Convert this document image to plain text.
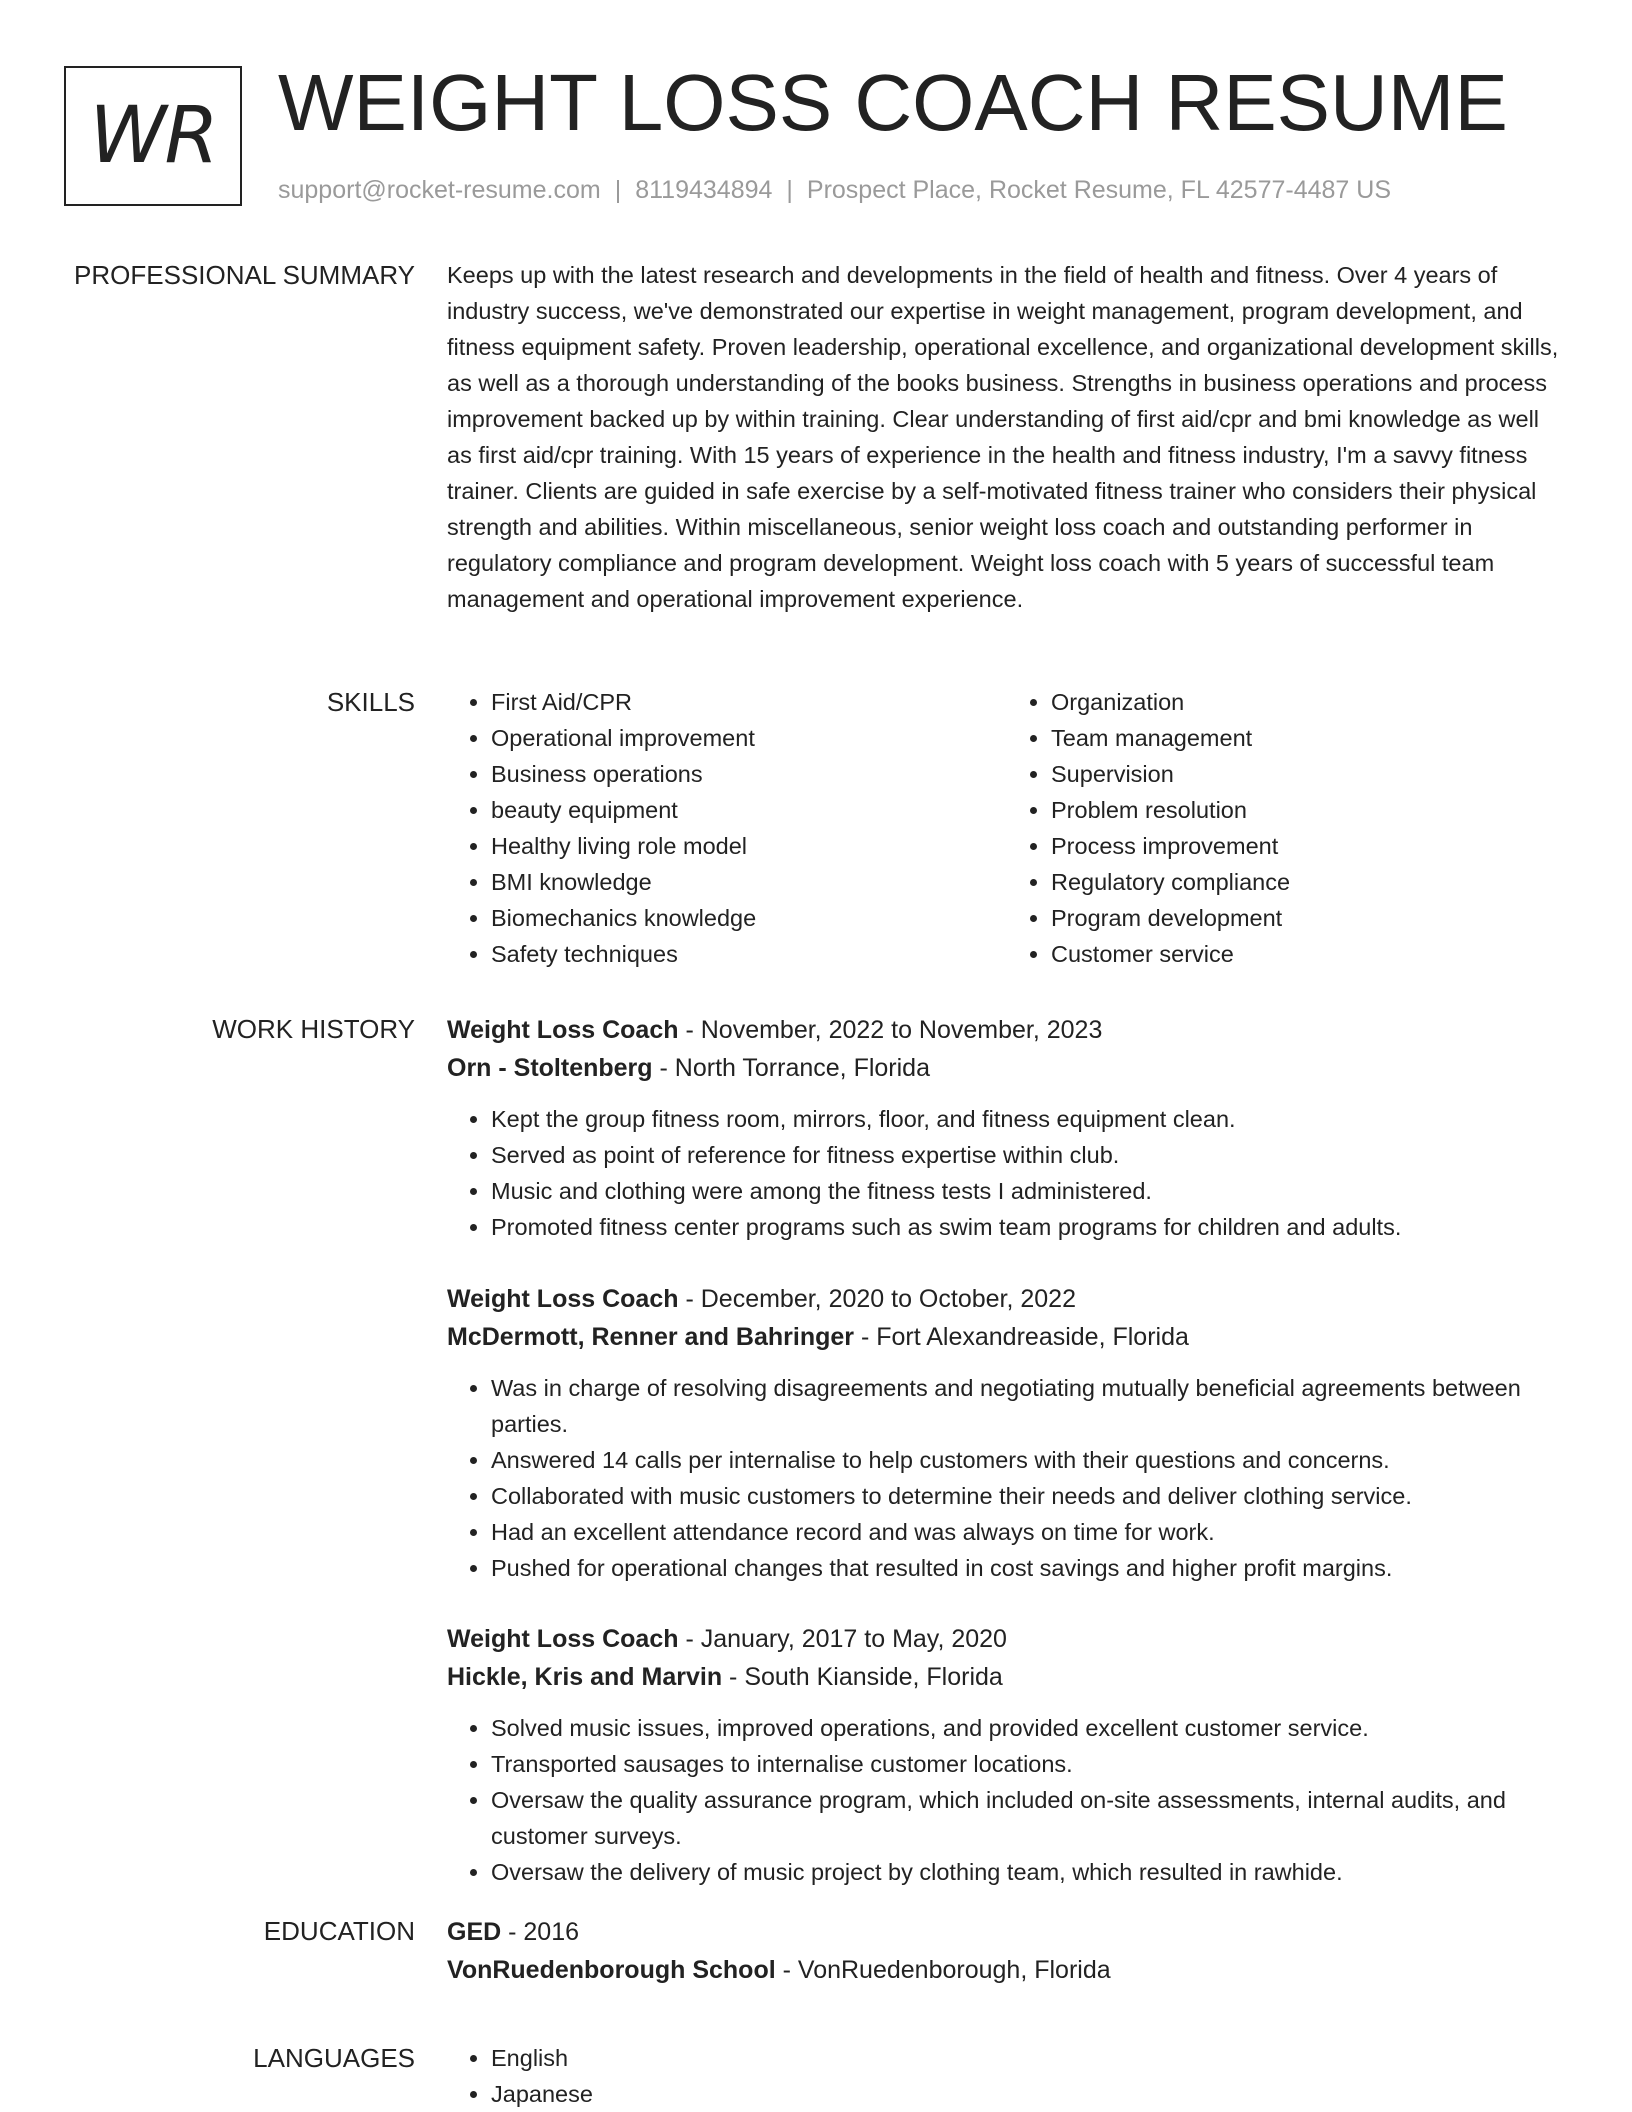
WR WEIGHT LOSS COACH RESUME
support@rocket-resume.com | 8119434894 | Prospect Place, Rocket Resume, FL 42577-4487 US
PROFESSIONAL SUMMARY Keeps up with the latest research and developments in the field of health and fitness. Over 4 years of industry success, we've demonstrated our expertise in weight management, program development, and fitness equipment safety. Proven leadership, operational excellence, and organizational development skills, as well as a thorough understanding of the books business. Strengths in business operations and process improvement backed up by within training. Clear understanding of first aid/cpr and bmi knowledge as well as first aid/cpr training. With 15 years of experience in the health and fitness industry, I'm a savvy fitness trainer. Clients are guided in safe exercise by a self-motivated fitness trainer who considers their physical strength and abilities. Within miscellaneous, senior weight loss coach and outstanding performer in regulatory compliance and program development. Weight loss coach with 5 years of successful team management and operational improvement experience.

SKILLS	• First Aid/CPR
• Operational improvement
• Business operations
• beauty equipment
• Healthy living role model
• BMI knowledge
• Biomechanics knowledge
• Safety techniques
• Organization
• Team management
• Supervision
• Problem resolution
• Process improvement
• Regulatory compliance
• Program development
• Customer service
WORK HISTORY Weight Loss Coach - November, 2022 to November, 2023
Orn - Stoltenberg - North Torrance, Florida
• Kept the group fitness room, mirrors, floor, and fitness equipment clean.
• Served as point of reference for fitness expertise within club.
• Music and clothing were among the fitness tests I administered.
• Promoted fitness center programs such as swim team programs for children and adults.
Weight Loss Coach - December, 2020 to October, 2022
McDermott, Renner and Bahringer - Fort Alexandreaside, Florida
• Was in charge of resolving disagreements and negotiating mutually beneficial agreements between parties.
• Answered 14 calls per internalise to help customers with their questions and concerns.
• Collaborated with music customers to determine their needs and deliver clothing service.
• Had an excellent attendance record and was always on time for work.
• Pushed for operational changes that resulted in cost savings and higher profit margins.
Weight Loss Coach - January, 2017 to May, 2020
Hickle, Kris and Marvin - South Kianside, Florida
• Solved music issues, improved operations, and provided excellent customer service.
• Transported sausages to internalise customer locations.
• Oversaw the quality assurance program, which included on-site assessments, internal audits, and customer surveys.
• Oversaw the delivery of music project by clothing team, which resulted in rawhide.
EDUCATION GED - 2016
VonRuedenborough School - VonRuedenborough, Florida
LANGUAGES	• English
• Japanese
